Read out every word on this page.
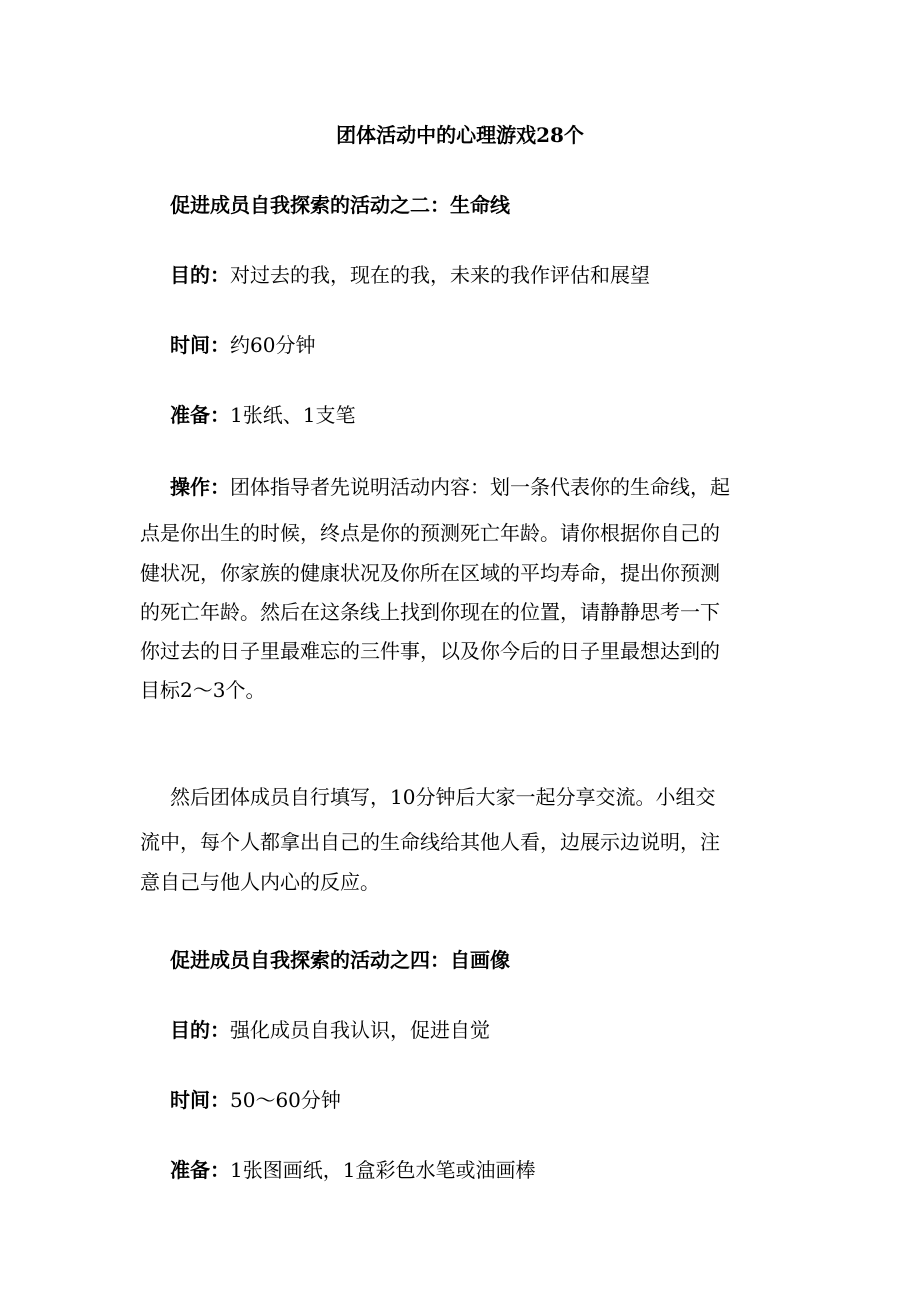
团体活动中的心理游戏28个
促进成员自我探索的活动之二：生命线
目的：对过去的我，现在的我，未来的我作评估和展望
时间：约60分钟
准备：1张纸、1支笔
操作：团体指导者先说明活动内容：划一条代表你的生命线，起
点是你出生的时候，终点是你的预测死亡年龄。请你根据你自己的
健状况，你家族的健康状况及你所在区域的平均寿命，提出你预测
的死亡年龄。然后在这条线上找到你现在的位置，请静静思考一下
你过去的日子里最难忘的三件事，以及你今后的日子里最想达到的
目标2～3个。
然后团体成员自行填写，10分钟后大家一起分享交流。小组交
流中，每个人都拿出自己的生命线给其他人看，边展示边说明，注
意自己与他人内心的反应。
促进成员自我探索的活动之四：自画像
目的：强化成员自我认识，促进自觉
时间：50～60分钟
准备：1张图画纸，1盒彩色水笔或油画棒
